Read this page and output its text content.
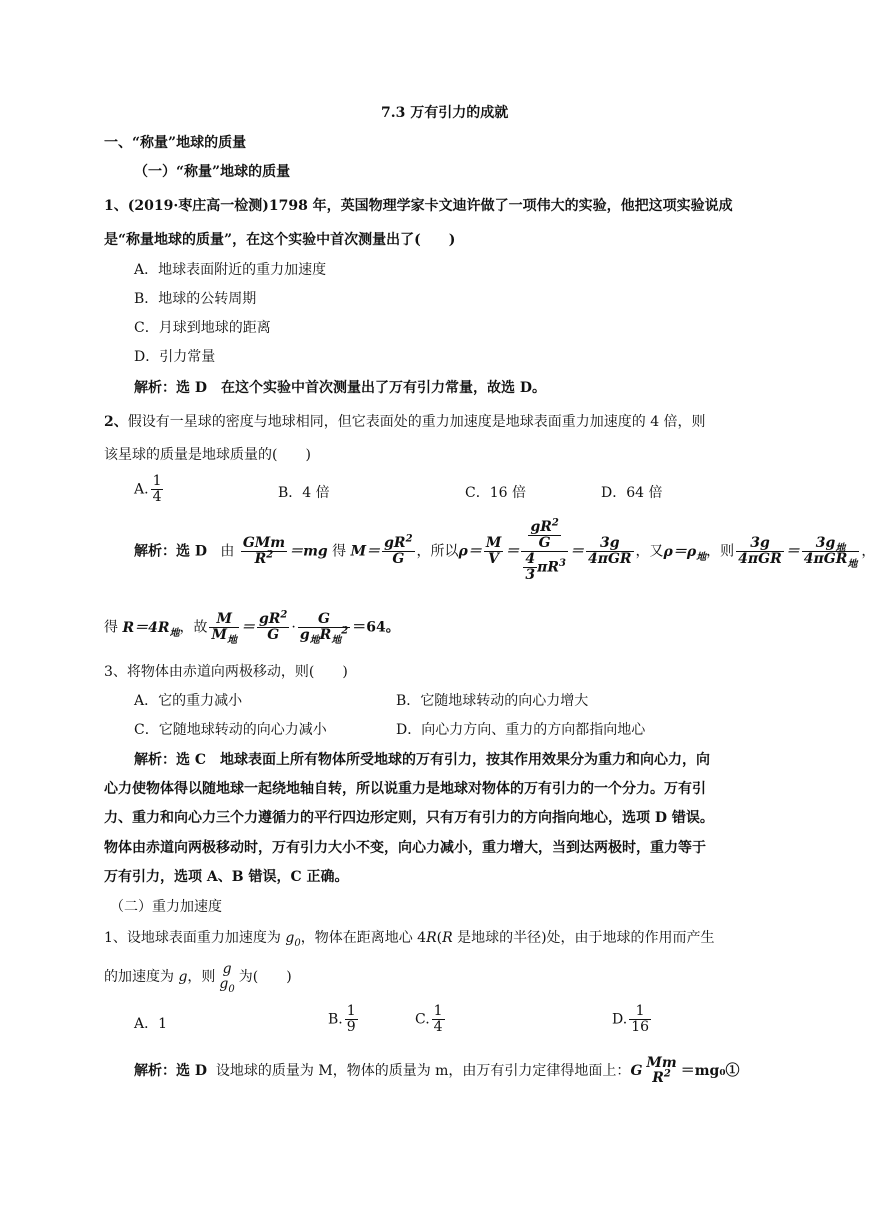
7.3 万有引力的成就
一、“称量”地球的质量
（一）“称量”地球的质量
1、(2019·枣庄高一检测)1798 年，英国物理学家卡文迪许做了一项伟大的实验，他把这项实验说成
是“称量地球的质量”，在这个实验中首次测量出了(　　)
A．地球表面附近的重力加速度
B．地球的公转周期
C．月球到地球的距离
D．引力常量
解析：选 D　在这个实验中首次测量出了万有引力常量，故选 D。
2、假设有一星球的密度与地球相同，但它表面处的重力加速度是地球表面重力加速度的 4 倍，则
该星球的质量是地球质量的(　　)
A. $\frac{1}{4}$	B．4 倍	C．16 倍	D．64 倍
解析：选 D 由 $\frac{\text{GMm}}{R^2} =mg$ 得 $M= \frac{gR^2}{G}$ ，所以$\rho= \frac{M}{V} = \frac{\frac{gR^2}{G}}{\frac{4}{3} \pi R^3} = \frac{3g}{\text{4πGR}}$ ，又$\rho=\rho_地$，则 $\frac{3g}{\text{4πGR}} = \frac{3g_地}{4\pi GR_地}$ ，
得 $R=4R_地$，故 $\frac{M}{M_地} = \frac{gR^2}{G} \cdot \frac{G}{g_地R_地^2} =64$。
3、将物体由赤道向两极移动，则(　　)
A．它的重力减小	B．它随地球转动的向心力增大
C．它随地球转动的向心力减小	D．向心力方向、重力的方向都指向地心
解析：选 C　地球表面上所有物体所受地球的万有引力，按其作用效果分为重力和向心力，向
心力使物体得以随地球一起绕地轴自转，所以说重力是地球对物体的万有引力的一个分力。万有引
力、重力和向心力三个力遵循力的平行四边形定则，只有万有引力的方向指向地心，选项 D 错误。
物体由赤道向两极移动时，万有引力大小不变，向心力减小，重力增大，当到达两极时，重力等于
万有引力，选项 A、B 错误，C 正确。
（二）重力加速度
1、设地球表面重力加速度为 $g_0$，物体在距离地心 4R(R 是地球的半径)处，由于地球的作用而产生
的加速度为 g，则 g
$g_0$
为(　　)
A．1	B. $\frac{1}{9}$	C. $\frac{1}{4}$	D. $\frac{1}{16}$
解析：选 D 设地球的质量为 M，物体的质量为 m，由万有引力定律得地面上：G Mm
$R^2$ ＝mg₀①
